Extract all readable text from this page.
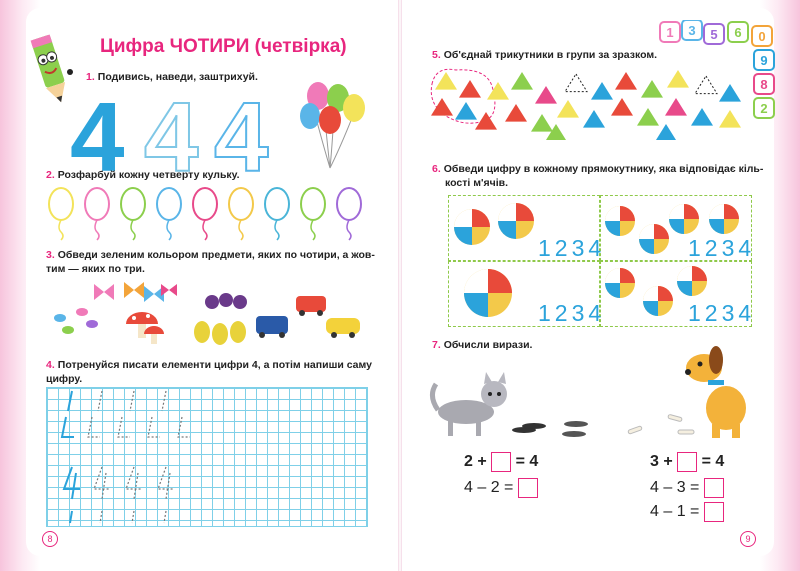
Цифра ЧОТИРИ (четвірка)
1. Подивись, наведи, заштрихуй.
4 4 4
2. Розфарбуй кожну четверту кульку.
3. Обведи зеленим кольором предмети, яких по чотири, а жов-
тим — яких по три.
4. Потренуйся писати елементи цифри 4, а потім напиши саму
цифру.
8
5. Об'єднай трикутники в групи за зразком.
1 3 5 6 0
9
8
2
6. Обведи цифру в кожному прямокутнику, яка відповідає кіль-
кості м'ячів.
1234	1234
1234	1234
7. Обчисли вирази.
2 + = 4
4 – 2 =
3 + = 4
4 – 3 =
4 – 1 =
9
